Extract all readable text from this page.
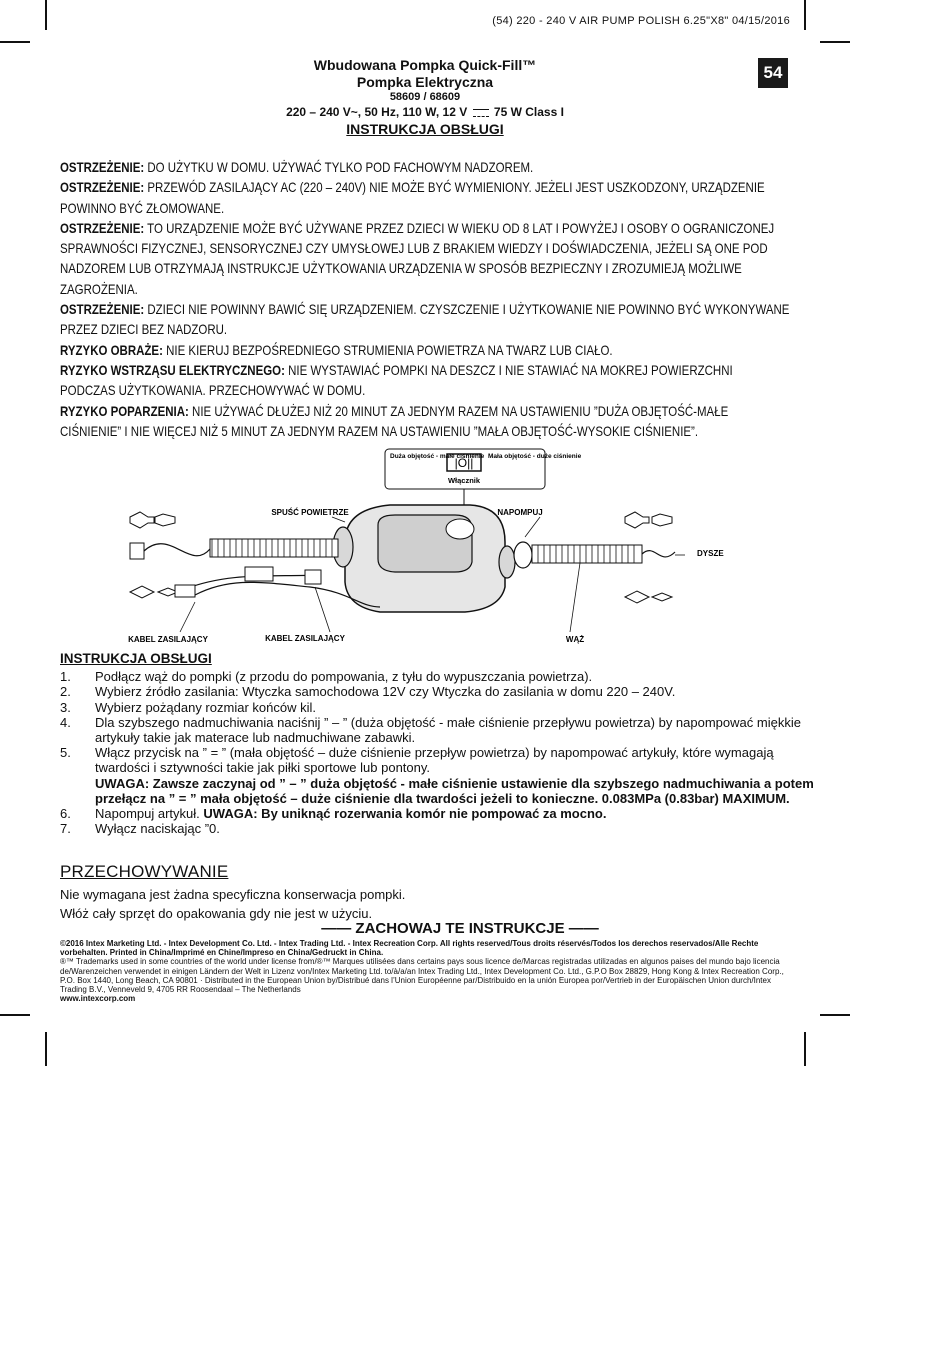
(54) 220 - 240 V AIR PUMP POLISH 6.25"X8" 04/15/2016
54
Wbudowana Pompka Quick-Fill™
Pompka Elektryczna
58609 / 68609
220 – 240 V~, 50 Hz, 110 W, 12 V 75 W Class I
INSTRUKCJA OBSŁUGI

OSTRZEŻENIE: DO UŻYTKU W DOMU. UŻYWAĆ TYLKO POD FACHOWYM NADZOREM.

OSTRZEŻENIE: PRZEWÓD ZASILAJĄCY AC (220 – 240V) NIE MOŻE BYĆ WYMIENIONY. JEŻELI JEST USZKODZONY, URZĄDZENIE POWINNO BYĆ ZŁOMOWANE.

OSTRZEŻENIE: TO URZĄDZENIE MOŻE BYĆ UŻYWANE PRZEZ DZIECI W WIEKU OD 8 LAT I POWYŻEJ I OSOBY O OGRANICZONEJ SPRAWNOŚCI FIZYCZNEJ, SENSORYCZNEJ CZY UMYSŁOWEJ LUB Z BRAKIEM WIEDZY I DOŚWIADCZENIA, JEŻELI SĄ ONE POD NADZOREM LUB OTRZYMAJĄ INSTRUKCJE UŻYTKOWANIA URZĄDZENIA W SPOSÓB BEZPIECZNY I ZROZUMIEJĄ MOŻLIWE ZAGROŻENIA.

OSTRZEŻENIE: DZIECI NIE POWINNY BAWIĆ SIĘ URZĄDZENIEM. CZYSZCZENIE I UŻYTKOWANIE NIE POWINNO BYĆ WYKONYWANE PRZEZ DZIECI BEZ NADZORU.

RYZYKO OBRAŻE: NIE KIERUJ BEZPOŚREDNIEGO STRUMIENIA POWIETRZA NA TWARZ LUB CIAŁO.

RYZYKO WSTRZĄSU ELEKTRYCZNEGO: NIE WYSTAWIAĆ POMPKI NA DESZCZ I NIE STAWIAĆ NA MOKREJ POWIERZCHNI PODCZAS UŻYTKOWANIA. PRZECHOWYWAĆ W DOMU.

RYZYKO POPARZENIA: NIE UŻYWAĆ DŁUŻEJ NIŻ 20 MINUT ZA JEDNYM RAZEM NA USTAWIENIU ”DUŻA OBJĘTOŚĆ-MAŁE CIŚNIENIE” I NIE WIĘCEJ NIŻ 5 MINUT ZA JEDNYM RAZEM NA USTAWIENIU ”MAŁA OBJĘTOŚĆ-WYSOKIE CIŚNIENIE”.

|O||
Duża objętość - małe ciśnienie Mała objętość - duże ciśnienie
Włącznik
SPUŚĆ POWIETRZE	NAPOMPUJ
DYSZE
KABEL ZASILAJĄCY	KABEL ZASILAJĄCY	WĄŻ
INSTRUKCJA OBSŁUGI
1.	Podłącz wąż do pompki (z przodu do pompowania, z tyłu do wypuszczania powietrza).
2.	Wybierz źródło zasilania: Wtyczka samochodowa 12V czy Wtyczka do zasilania w domu 220 – 240V.
3.	Wybierz pożądany rozmiar końców kil.
4.	Dla szybszego nadmuchiwania naciśnij ” – ” (duża objętość - małe ciśnienie przepływu powietrza) by napompować miękkie artykuły takie jak materace lub nadmuchiwane zabawki.
5.	Włącz przycisk na ” = ” (mała objętość – duże ciśnienie przepływ powietrza) by napompować artykuły, które wymagają twardości i sztywności takie jak piłki sportowe lub pontony.
UWAGA: Zawsze zaczynaj od ” – ” duża objętość - małe ciśnienie ustawienie dla szybszego nadmuchiwania a potem przełącz na ” = ” mała objętość – duże ciśnienie dla twardości jeżeli to konieczne. 0.083MPa (0.83bar) MAXIMUM.
6.	Napompuj artykuł. UWAGA: By uniknąć rozerwania komór nie pompować za mocno.
7.	Wyłącz naciskając ”0.
PRZECHOWYWANIE

Nie wymagana jest żadna specyficzna konserwacja pompki.

Włóż cały sprzęt do opakowania gdy nie jest w użyciu.

—— ZACHOWAJ TE INSTRUKCJE ——

©2016 Intex Marketing Ltd. - Intex Development Co. Ltd. - Intex Trading Ltd. - Intex Recreation Corp. All rights reserved/Tous droits réservés/Todos los derechos reservados/Alle Rechte vorbehalten. Printed in China/Imprimé en Chine/Impreso en China/Gedruckt in China.

®™ Trademarks used in some countries of the world under license from/®™ Marques utilisées dans certains pays sous licence de/Marcas registradas utilizadas en algunos paises del mundo bajo licencia de/Warenzeichen verwendet in einigen Ländern der Welt in Lizenz von/Intex Marketing Ltd. to/à/a/an Intex Trading Ltd., Intex Development Co. Ltd., G.P.O Box 28829, Hong Kong & Intex Recreation Corp., P.O. Box 1440, Long Beach, CA 90801 · Distributed in the European Union by/Distribué dans l’Union Européenne par/Distribuido en la unión Europea por/Vertrieb in der Europäischen Union durch/Intex Trading B.V., Venneveld 9, 4705 RR Roosendaal – The Netherlands

www.intexcorp.com
